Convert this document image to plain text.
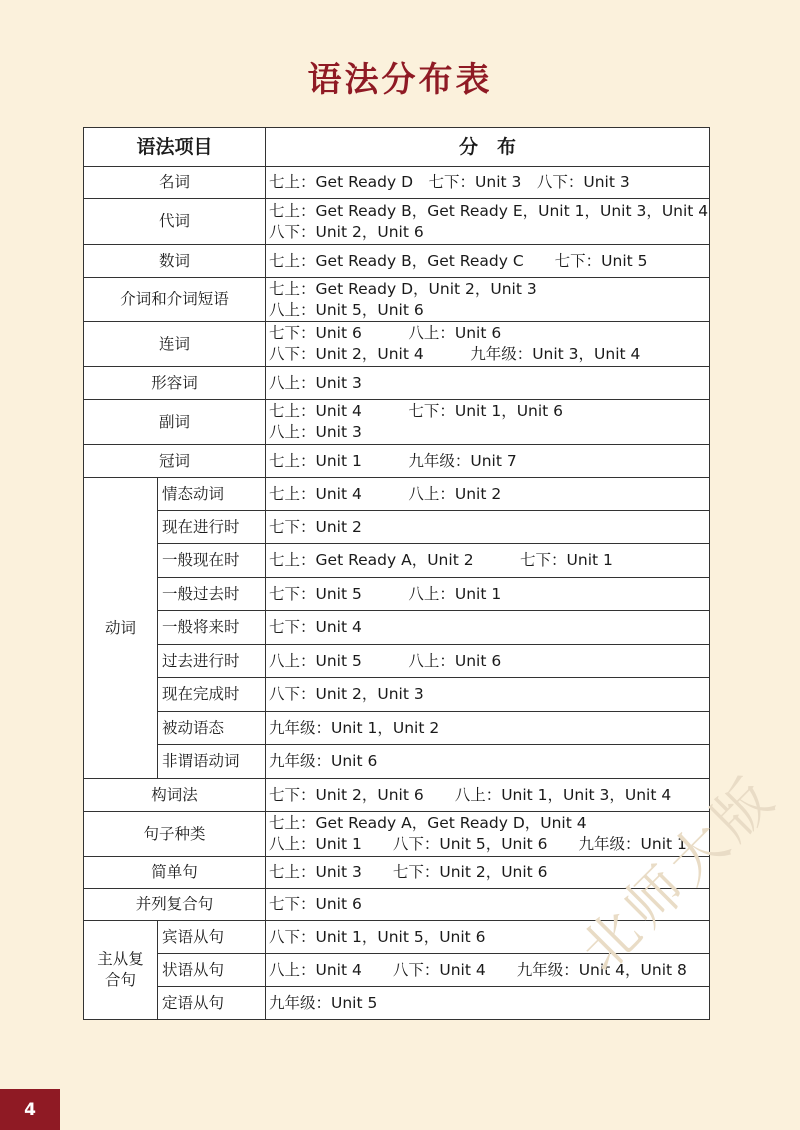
语法分布表
语法项目		分　布
名词		七上：Get Ready D　七下：Unit 3　八下：Unit 3

代词		七上：Get Ready B，Get Ready E，Unit 1，Unit 3，Unit 4
八下：Unit 2，Unit 6

数词		七上：Get Ready B，Get Ready C　　七下：Unit 5

介词和介词短语		七上：Get Ready D，Unit 2，Unit 3
八上：Unit 5，Unit 6

连词		七下：Unit 6　　　八上：Unit 6
八下：Unit 2，Unit 4　　　九年级：Unit 3，Unit 4

形容词		八上：Unit 3

副词		七上：Unit 4　　　七下：Unit 1，Unit 6
八上：Unit 3

冠词		七上：Unit 1　　　九年级：Unit 7

动词	情态动词	七上：Unit 4　　　八上：Unit 2
	现在进行时	七下：Unit 2
	一般现在时	七上：Get Ready A，Unit 2　　　七下：Unit 1
	一般过去时	七下：Unit 5　　　八上：Unit 1
	一般将来时	七下：Unit 4
	过去进行时	八上：Unit 5　　　八上：Unit 6
	现在完成时	八下：Unit 2，Unit 3
	被动语态	九年级：Unit 1，Unit 2
	非谓语动词	九年级：Unit 6
构词法		七下：Unit 2，Unit 6　　八上：Unit 1，Unit 3，Unit 4

句子种类		七上：Get Ready A，Get Ready D，Unit 4
八上：Unit 1　　八下：Unit 5，Unit 6　　九年级：Unit 1

简单句		七上：Unit 3　　七下：Unit 2，Unit 6

并列复合句		七下：Unit 6

主从复
合句	宾语从句	八下：Unit 1，Unit 5，Unit 6
	状语从句	八上：Unit 4　　八下：Unit 4　　九年级：Unit 4，Unit 8
	定语从句	九年级：Unit 5
北师大版
4
